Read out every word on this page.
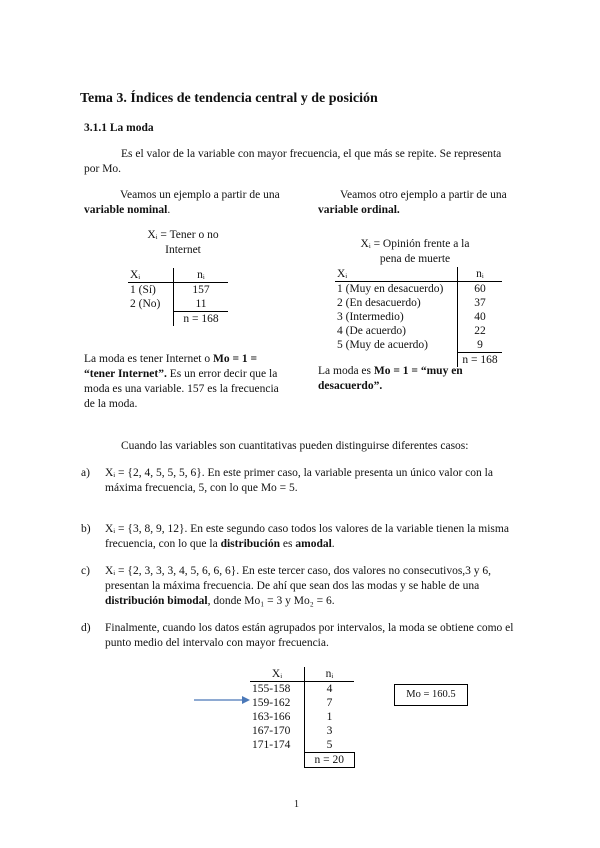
Tema 3. Índices de tendencia central y de posición
3.1.1 La moda

Es el valor de la variable con mayor frecuencia, el que más se repite. Se representa por Mo.

Veamos un ejemplo a partir de una variable nominal.

Xᵢ = Tener o no Internet

Xᵢ	nᵢ
1 (Sí)	157
2 (No)	11
	n = 168

La moda es tener Internet o Mo = 1 = “tener Internet”. Es un error decir que la moda es una variable. 157 es la frecuencia de la moda.

Veamos otro ejemplo a partir de una variable ordinal.

Xᵢ = Opinión frente a la pena de muerte

Xᵢ	nᵢ
1 (Muy en desacuerdo)	60
2 (En desacuerdo)	37
3 (Intermedio)	40
4 (De acuerdo)	22
5 (Muy de acuerdo)	9
	n = 168

La moda es Mo = 1 = “muy en desacuerdo”.

Cuando las variables son cuantitativas pueden distinguirse diferentes casos:

a) Xᵢ = {2, 4, 5, 5, 5, 6}. En este primer caso, la variable presenta un único valor con la máxima frecuencia, 5, con lo que Mo = 5.

b) Xᵢ = {3, 8, 9, 12}. En este segundo caso todos los valores de la variable tienen la misma frecuencia, con lo que la distribución es amodal.

c) Xᵢ = {2, 3, 3, 3, 4, 5, 6, 6, 6}. En este tercer caso, dos valores no consecutivos,3 y 6, presentan la máxima frecuencia. De ahí que sean dos las modas y se hable de una distribución bimodal, donde Mo₁ = 3 y Mo₂ = 6.

d) Finalmente, cuando los datos están agrupados por intervalos, la moda se obtiene como el punto medio del intervalo con mayor frecuencia.

Xᵢ	nᵢ
155-158	4
159-162	7
163-166	1
167-170	3
171-174	5
	n = 20
Mo = 160.5
1
